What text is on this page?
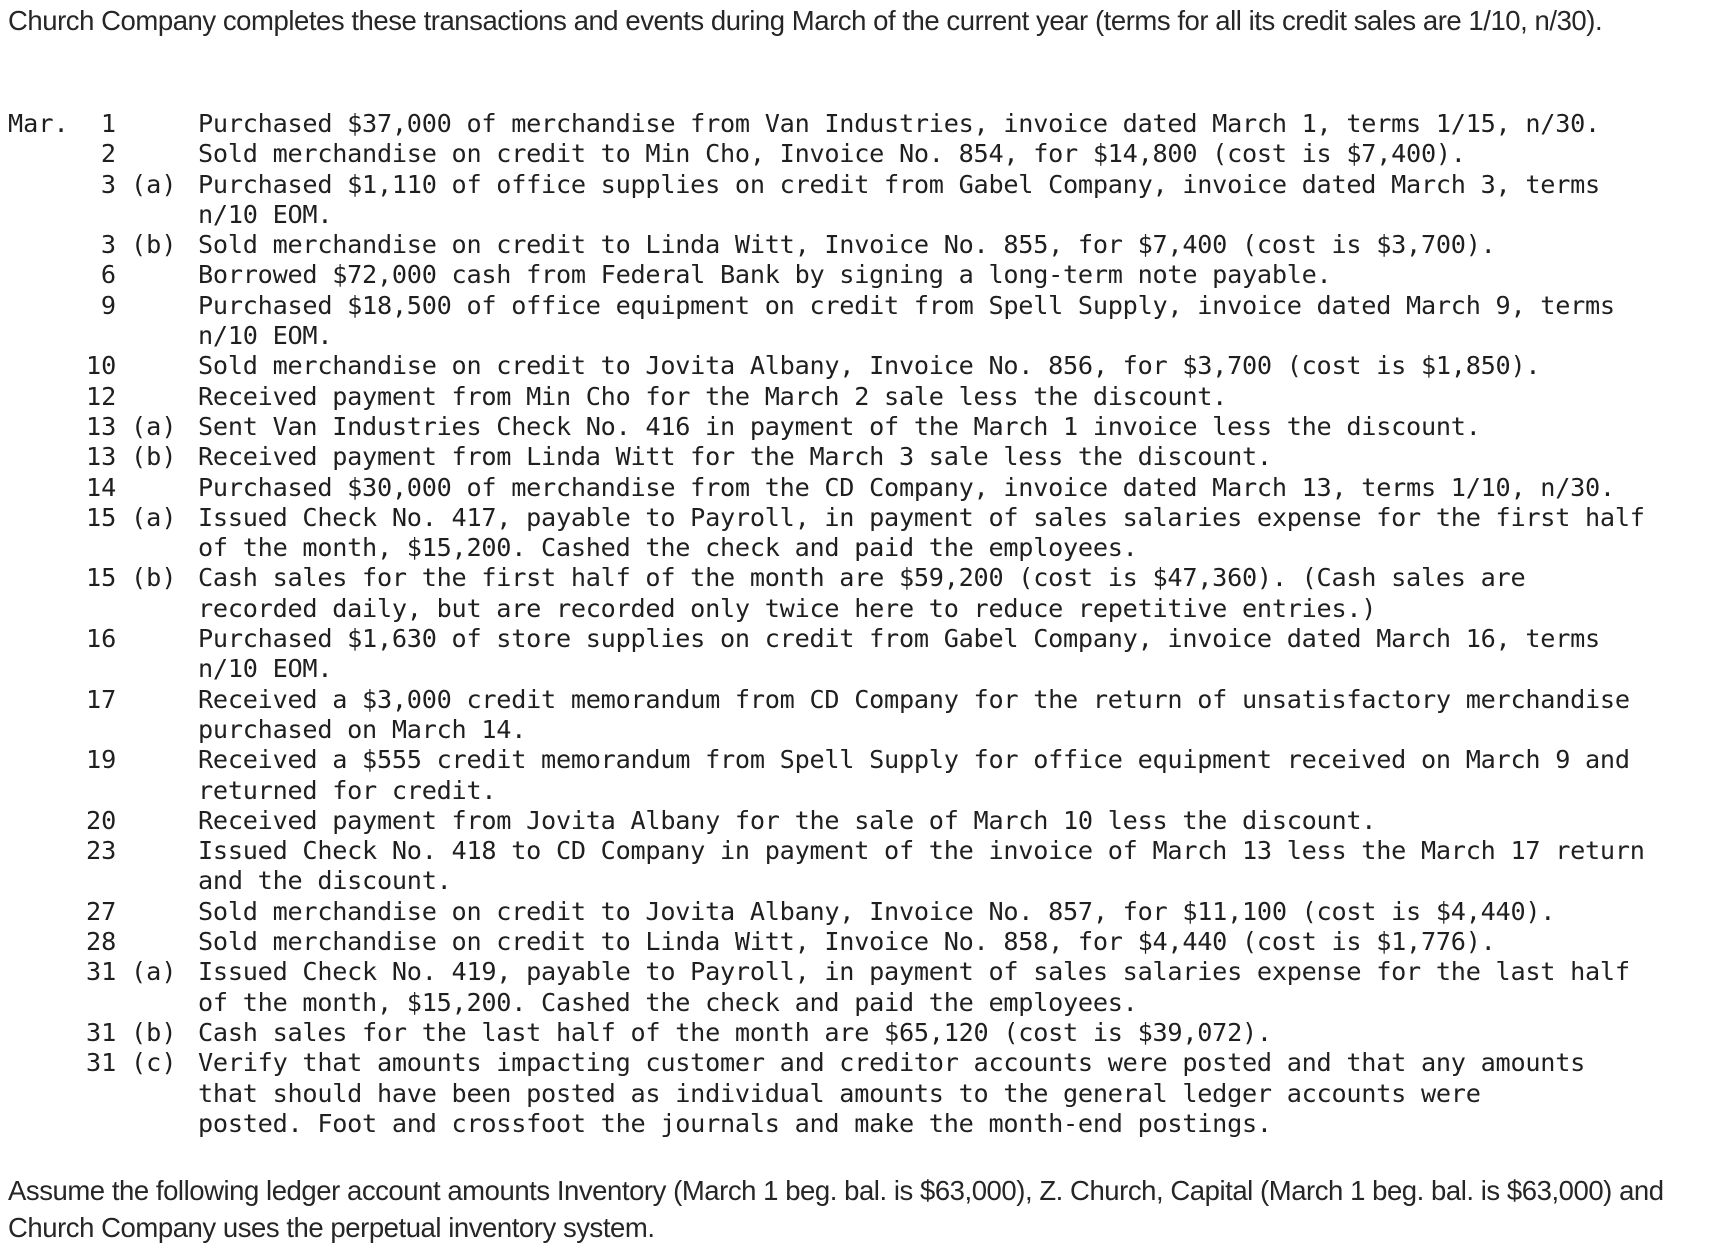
Church Company completes these transactions and events during March of the current year (terms for all its credit sales are 1/10, n/30).

Mar.	1	Purchased $37,000 of merchandise from Van Industries, invoice dated March 1, terms 1/15, n/30.
2	Sold merchandise on credit to Min Cho, Invoice No. 854, for $14,800 (cost is $7,400).
3 (a) Purchased $1,110 of office supplies on credit from Gabel Company, invoice dated March 3, terms
n/10 EOM.
3 (b) Sold merchandise on credit to Linda Witt, Invoice No. 855, for $7,400 (cost is $3,700).
6	Borrowed $72,000 cash from Federal Bank by signing a long-term note payable.
9	Purchased $18,500 of office equipment on credit from Spell Supply, invoice dated March 9, terms
n/10 EOM.
10	Sold merchandise on credit to Jovita Albany, Invoice No. 856, for $3,700 (cost is $1,850).
12	Received payment from Min Cho for the March 2 sale less the discount.
13 (a) Sent Van Industries Check No. 416 in payment of the March 1 invoice less the discount.
13 (b) Received payment from Linda Witt for the March 3 sale less the discount.
14	Purchased $30,000 of merchandise from the CD Company, invoice dated March 13, terms 1/10, n/30.
15 (a) Issued Check No. 417, payable to Payroll, in payment of sales salaries expense for the first half
of the month, $15,200. Cashed the check and paid the employees.
15 (b) Cash sales for the first half of the month are $59,200 (cost is $47,360). (Cash sales are
recorded daily, but are recorded only twice here to reduce repetitive entries.)
16	Purchased $1,630 of store supplies on credit from Gabel Company, invoice dated March 16, terms
n/10 EOM.
17	Received a $3,000 credit memorandum from CD Company for the return of unsatisfactory merchandise
purchased on March 14.
19	Received a $555 credit memorandum from Spell Supply for office equipment received on March 9 and
returned for credit.
20	Received payment from Jovita Albany for the sale of March 10 less the discount.
23	Issued Check No. 418 to CD Company in payment of the invoice of March 13 less the March 17 return
and the discount.
27	Sold merchandise on credit to Jovita Albany, Invoice No. 857, for $11,100 (cost is $4,440).
28	Sold merchandise on credit to Linda Witt, Invoice No. 858, for $4,440 (cost is $1,776).
31 (a) Issued Check No. 419, payable to Payroll, in payment of sales salaries expense for the last half
of the month, $15,200. Cashed the check and paid the employees.
31 (b) Cash sales for the last half of the month are $65,120 (cost is $39,072).
31 (c) Verify that amounts impacting customer and creditor accounts were posted and that any amounts
that should have been posted as individual amounts to the general ledger accounts were
posted. Foot and crossfoot the journals and make the month-end postings.

Assume the following ledger account amounts Inventory (March 1 beg. bal. is $63,000), Z. Church, Capital (March 1 beg. bal. is $63,000) and Church Company uses the perpetual inventory system.
